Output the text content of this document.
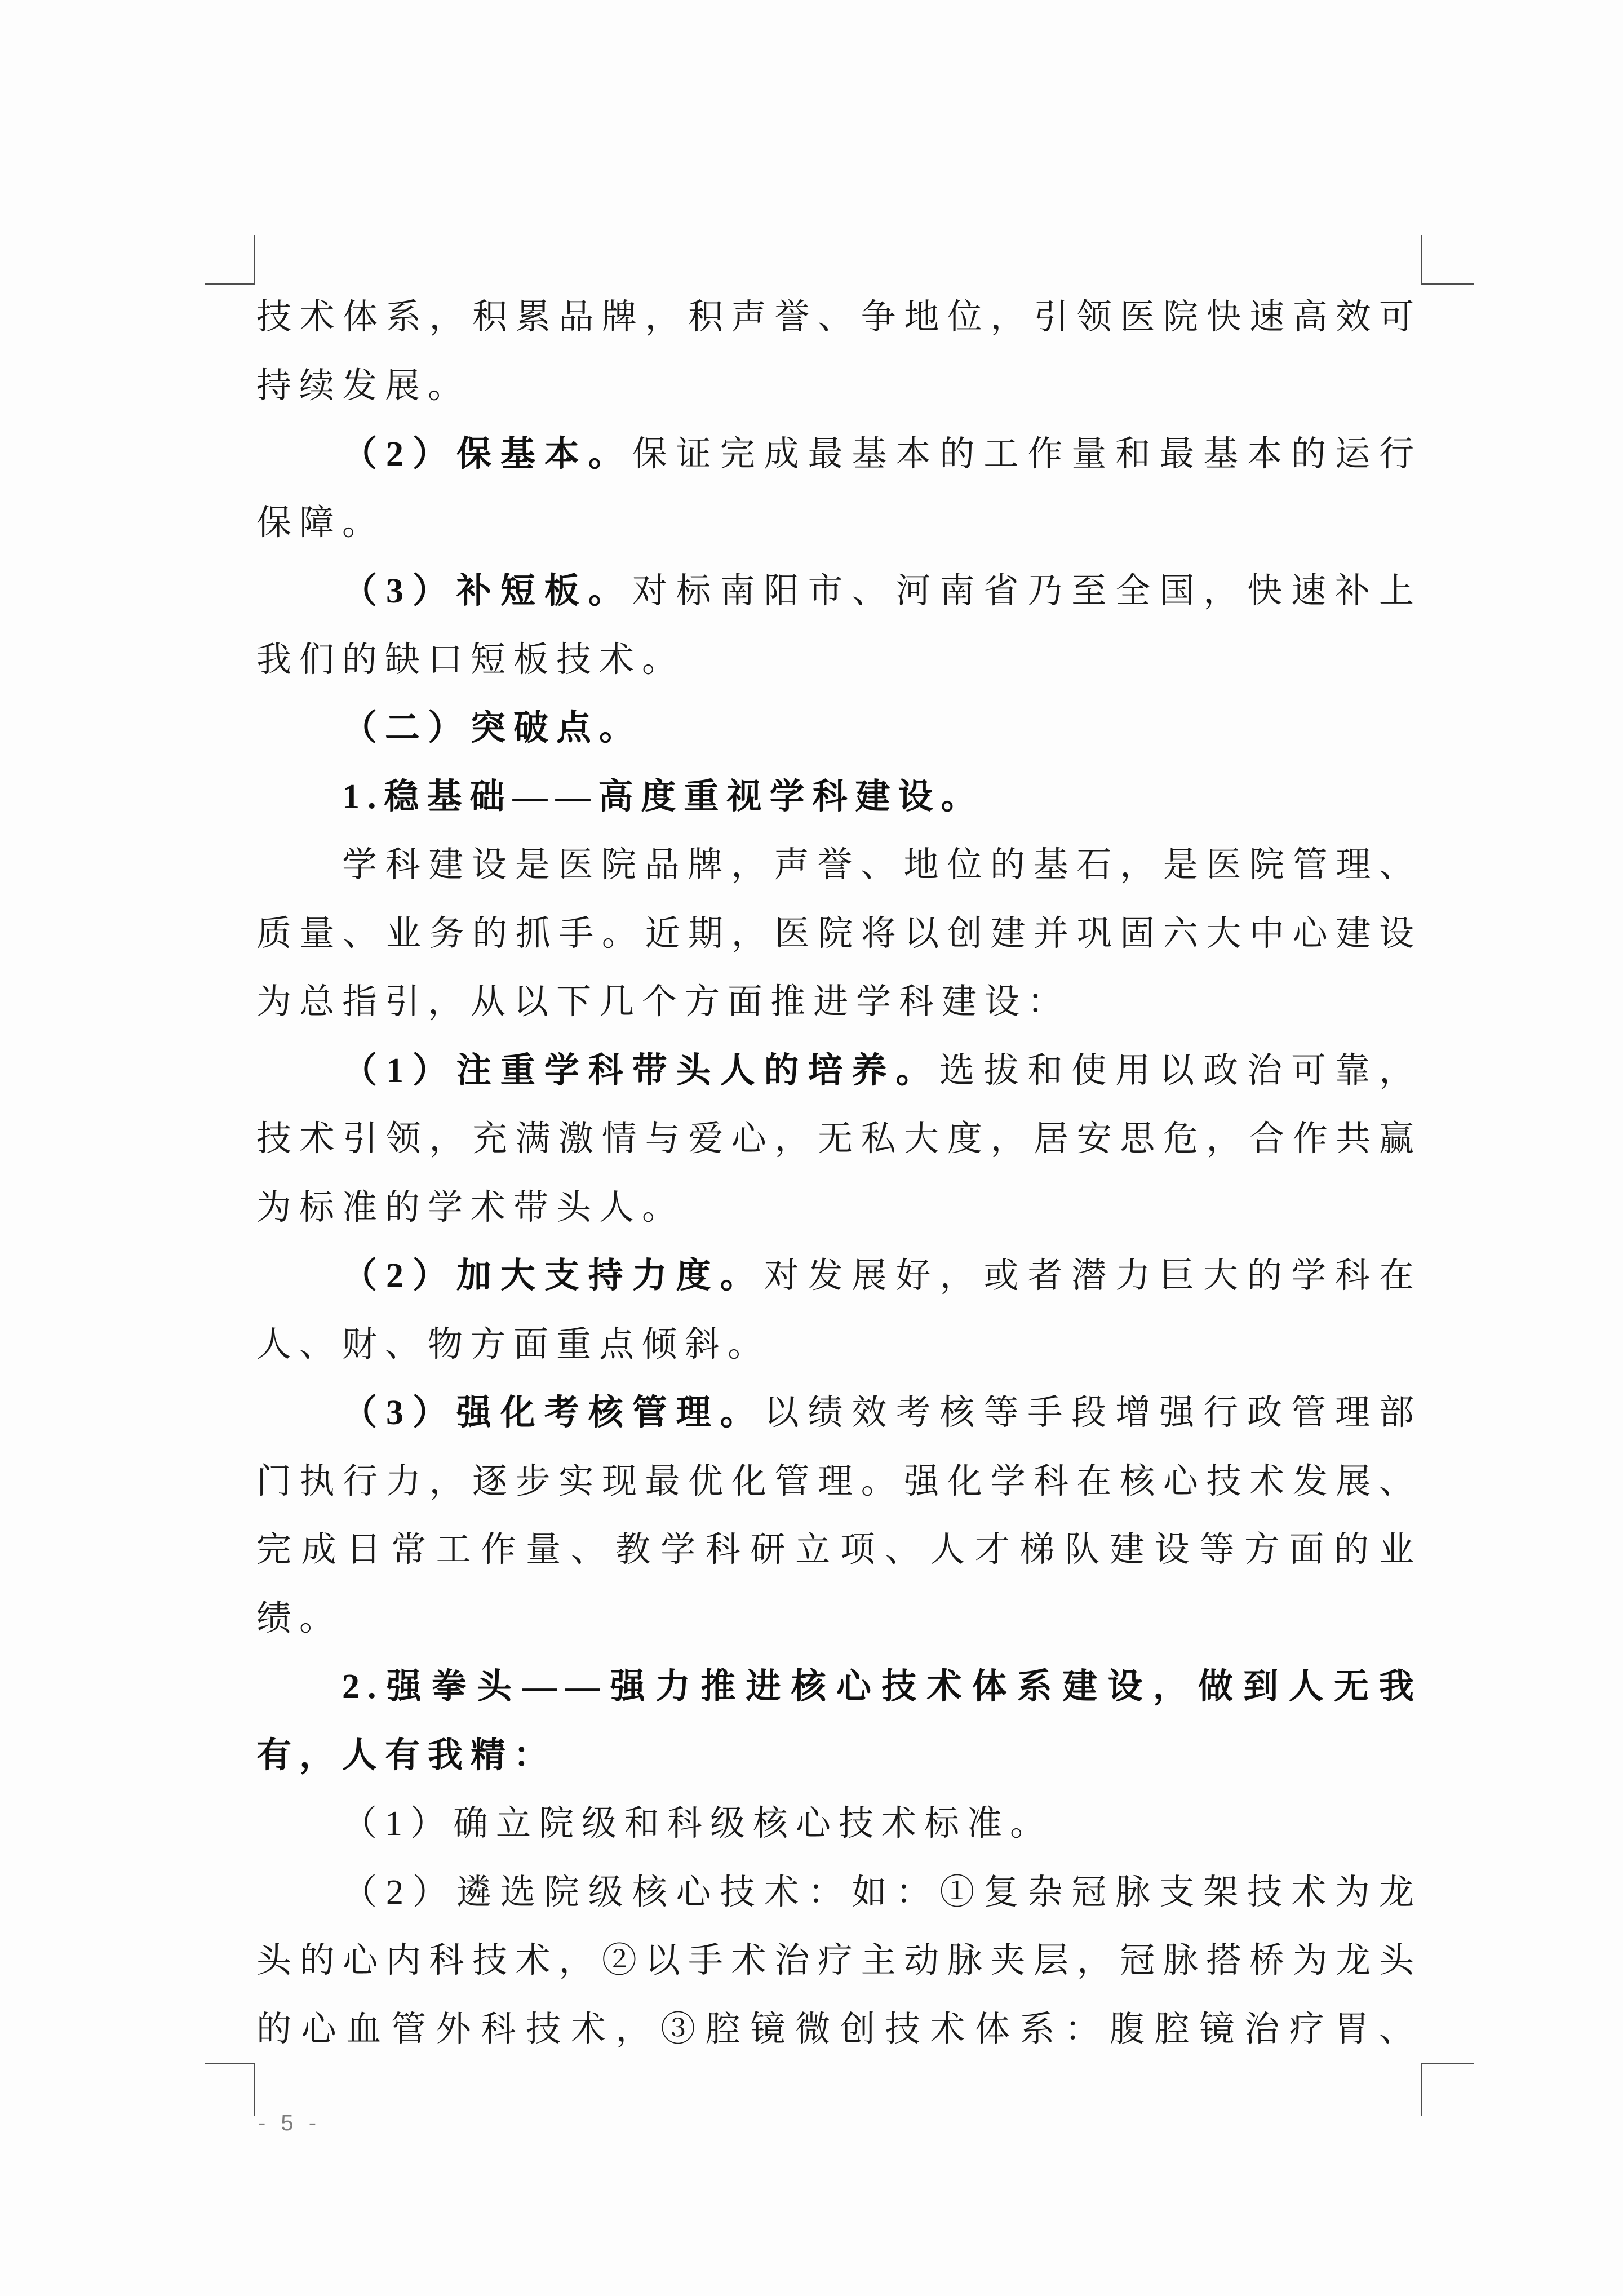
技术体系，积累品牌，积声誉、争地位，引领医院快速高效可
持续发展。
（2）保基本。保证完成最基本的工作量和最基本的运行
保障。
（3）补短板。对标南阳市、河南省乃至全国，快速补上
我们的缺口短板技术。
（二）突破点。
1.稳基础——高度重视学科建设。
学科建设是医院品牌，声誉、地位的基石，是医院管理、
质量、业务的抓手。近期，医院将以创建并巩固六大中心建设
为总指引，从以下几个方面推进学科建设：
（1）注重学科带头人的培养。选拔和使用以政治可靠，
技术引领，充满激情与爱心，无私大度，居安思危，合作共赢
为标准的学术带头人。
（2）加大支持力度。对发展好，或者潜力巨大的学科在
人、财、物方面重点倾斜。
（3）强化考核管理。以绩效考核等手段增强行政管理部
门执行力，逐步实现最优化管理。强化学科在核心技术发展、
完成日常工作量、教学科研立项、人才梯队建设等方面的业
绩。
2.强拳头——强力推进核心技术体系建设，做到人无我
有，人有我精：
（1）确立院级和科级核心技术标准。
（2）遴选院级核心技术：如：①复杂冠脉支架技术为龙
头的心内科技术，②以手术治疗主动脉夹层，冠脉搭桥为龙头
的心血管外科技术，③腔镜微创技术体系：腹腔镜治疗胃、
- 5 -
